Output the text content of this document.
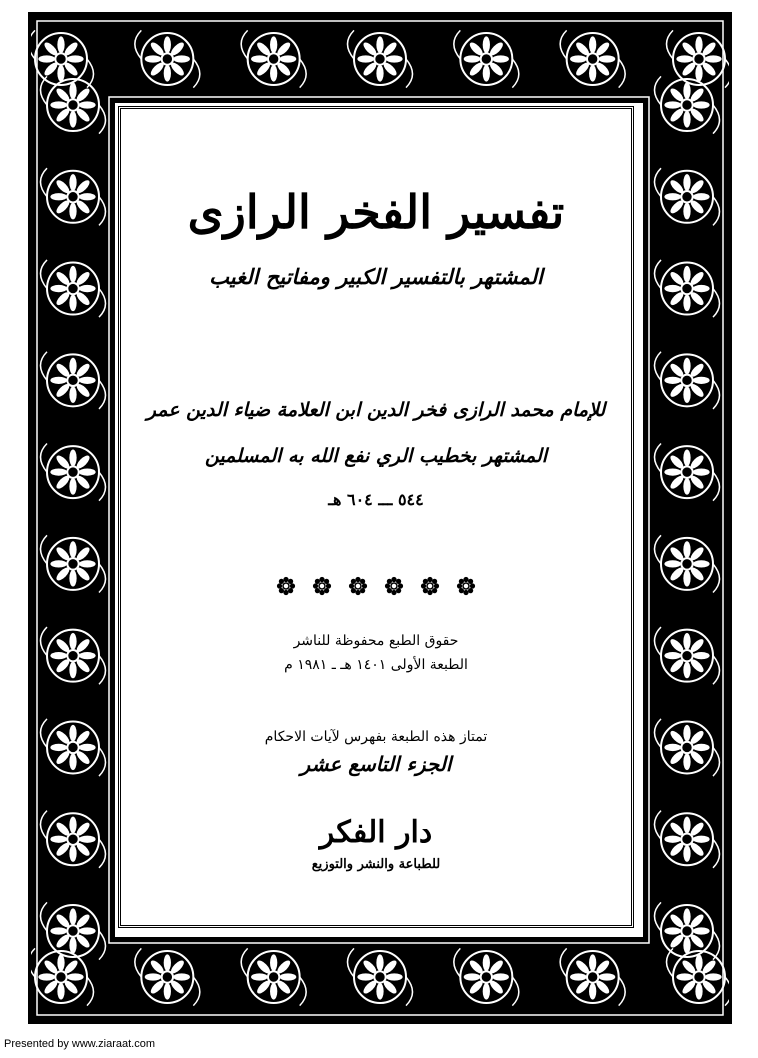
تفسير الفخر الرازى
المشتهر بالتفسير الكبير ومفاتيح الغيب
للإمام محمد الرازى فخر الدين ابن العلامة ضياء الدين عمر
المشتهر بخطيب الري نفع الله به المسلمين
٥٤٤ ـــ ٦٠٤ هـ
حقوق الطبع محفوظة للناشر
الطبعة الأولى ١٤٠١ هـ ـ ١٩٨١ م
تمتاز هذه الطبعة بفهرس لآيات الاحكام
الجزء التاسع عشر
دار الفكر
للطباعة والنشر والتوزيع
Presented by www.ziaraat.com
